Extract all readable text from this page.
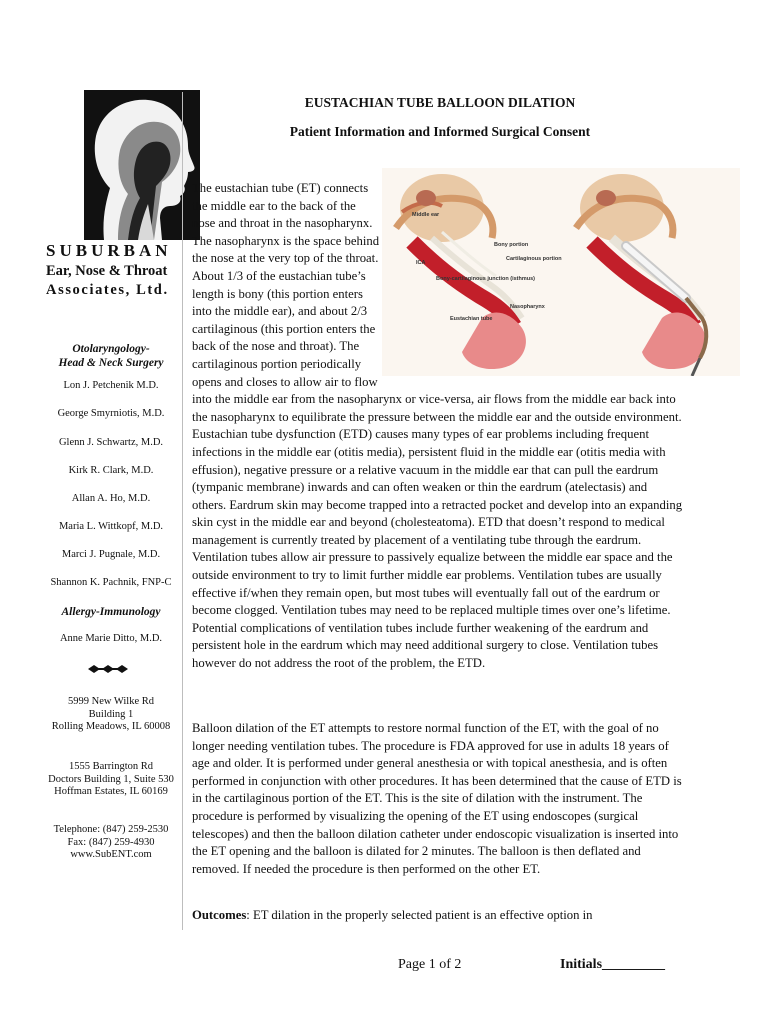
SUBURBAN
Ear, Nose & Throat
Associates, Ltd.
Otolaryngology-
Head & Neck Surgery
Lon J. Petchenik M.D.
George Smyrniotis, M.D.
Glenn J. Schwartz, M.D.
Kirk R. Clark, M.D.
Allan A. Ho, M.D.
Maria L. Wittkopf, M.D.
Marci J. Pugnale, M.D.
Shannon K. Pachnik, FNP-C
Allergy-Immunology
Anne Marie Ditto, M.D.
5999 New Wilke Rd
Building 1
Rolling Meadows, IL 60008
1555 Barrington Rd
Doctors Building 1, Suite 530
Hoffman Estates, IL 60169
Telephone: (847) 259-2530
Fax: (847) 259-4930
www.SubENT.com
EUSTACHIAN TUBE BALLOON DILATION
Patient Information and Informed Surgical Consent
Middle ear
Bony portion
Cartilaginous portion
ICA
Bony-cartilaginous junction (isthmus)
Nasopharynx
Eustachian tube
The eustachian tube (ET) connects the middle ear to the back of the nose and throat in the nasopharynx. The nasopharynx is the space behind the nose at the very top of the throat. About 1/3 of the eustachian tube’s length is bony (this portion enters into the middle ear), and about 2/3 cartilaginous (this portion enters the back of the nose and throat). The cartilaginous portion periodically opens and closes to allow air to flow into the middle ear from the nasopharynx or vice-versa, air flows from the middle ear back into the nasopharynx to equilibrate the pressure between the middle ear and the outside environment. Eustachian tube dysfunction (ETD) causes many types of ear problems including frequent infections in the middle ear (otitis media), persistent fluid in the middle ear (otitis media with effusion), negative pressure or a relative vacuum in the middle ear that can pull the eardrum (tympanic membrane) inwards and can often weaken or thin the eardrum (atelectasis) and others. Eardrum skin may become trapped into a retracted pocket and develop into an expanding skin cyst in the middle ear and beyond (cholesteatoma). ETD that doesn’t respond to medical management is currently treated by placement of a ventilating tube through the eardrum. Ventilation tubes allow air pressure to passively equalize between the middle ear space and the outside environment to try to limit further middle ear problems. Ventilation tubes are usually effective if/when they remain open, but most tubes will eventually fall out of the eardrum or become clogged. Ventilation tubes may need to be replaced multiple times over one’s lifetime. Potential complications of ventilation tubes include further weakening of the eardrum and persistent hole in the eardrum which may need additional surgery to close. Ventilation tubes however do not address the root of the problem, the ETD.
Balloon dilation of the ET attempts to restore normal function of the ET, with the goal of no longer needing ventilation tubes. The procedure is FDA approved for use in adults 18 years of age and older. It is performed under general anesthesia or with topical anesthesia, and is often performed in conjunction with other procedures. It has been determined that the cause of ETD is in the cartilaginous portion of the ET. This is the site of dilation with the instrument. The procedure is performed by visualizing the opening of the ET using endoscopes (surgical telescopes) and then the balloon dilation catheter under endoscopic visualization is inserted into the ET opening and the balloon is dilated for 2 minutes. The balloon is then deflated and removed. If needed the procedure is then performed on the other ET.
Outcomes: ET dilation in the properly selected patient is an effective option in
Page 1 of 2	Initials_________
